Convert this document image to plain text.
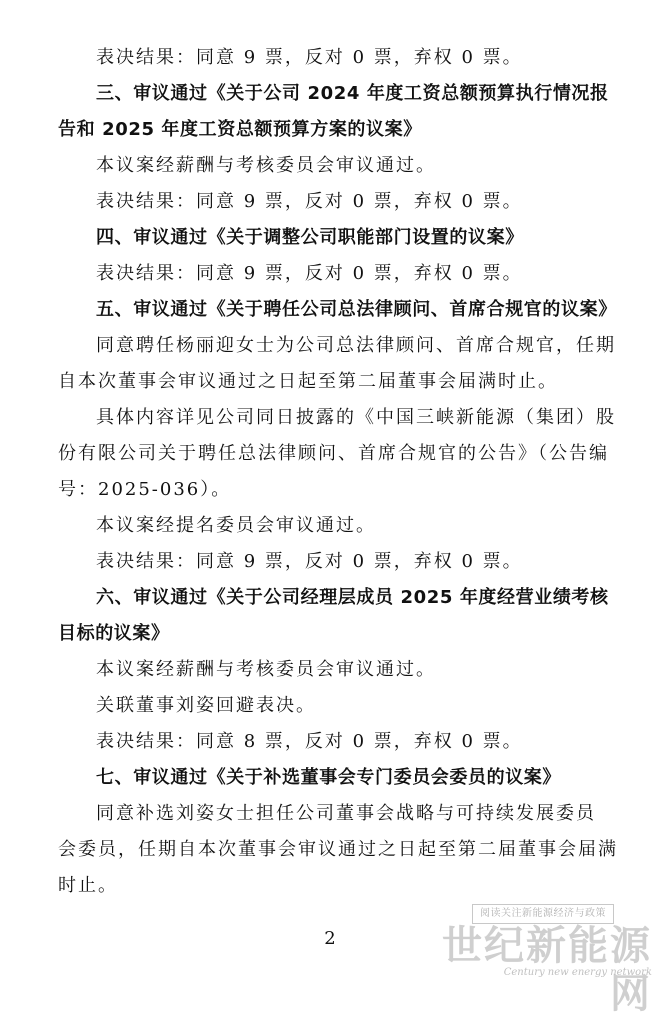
表决结果：同意 9 票，反对 0 票，弃权 0 票。
三、审议通过《关于公司 2024 年度工资总额预算执行情况报
告和 2025 年度工资总额预算方案的议案》
本议案经薪酬与考核委员会审议通过。
表决结果：同意 9 票，反对 0 票，弃权 0 票。
四、审议通过《关于调整公司职能部门设置的议案》
表决结果：同意 9 票，反对 0 票，弃权 0 票。
五、审议通过《关于聘任公司总法律顾问、首席合规官的议案》
同意聘任杨丽迎女士为公司总法律顾问、首席合规官，任期
自本次董事会审议通过之日起至第二届董事会届满时止。
具体内容详见公司同日披露的《中国三峡新能源（集团）股
份有限公司关于聘任总法律顾问、首席合规官的公告》（公告编
号：2025-036）。
本议案经提名委员会审议通过。
表决结果：同意 9 票，反对 0 票，弃权 0 票。
六、审议通过《关于公司经理层成员 2025 年度经营业绩考核
目标的议案》
本议案经薪酬与考核委员会审议通过。
关联董事刘姿回避表决。
表决结果：同意 8 票，反对 0 票，弃权 0 票。
七、审议通过《关于补选董事会专门委员会委员的议案》
同意补选刘姿女士担任公司董事会战略与可持续发展委员
会委员，任期自本次董事会审议通过之日起至第二届董事会届满
时止。
2
阅读关注新能源经济与政策
世纪新能源网
Century new energy network
